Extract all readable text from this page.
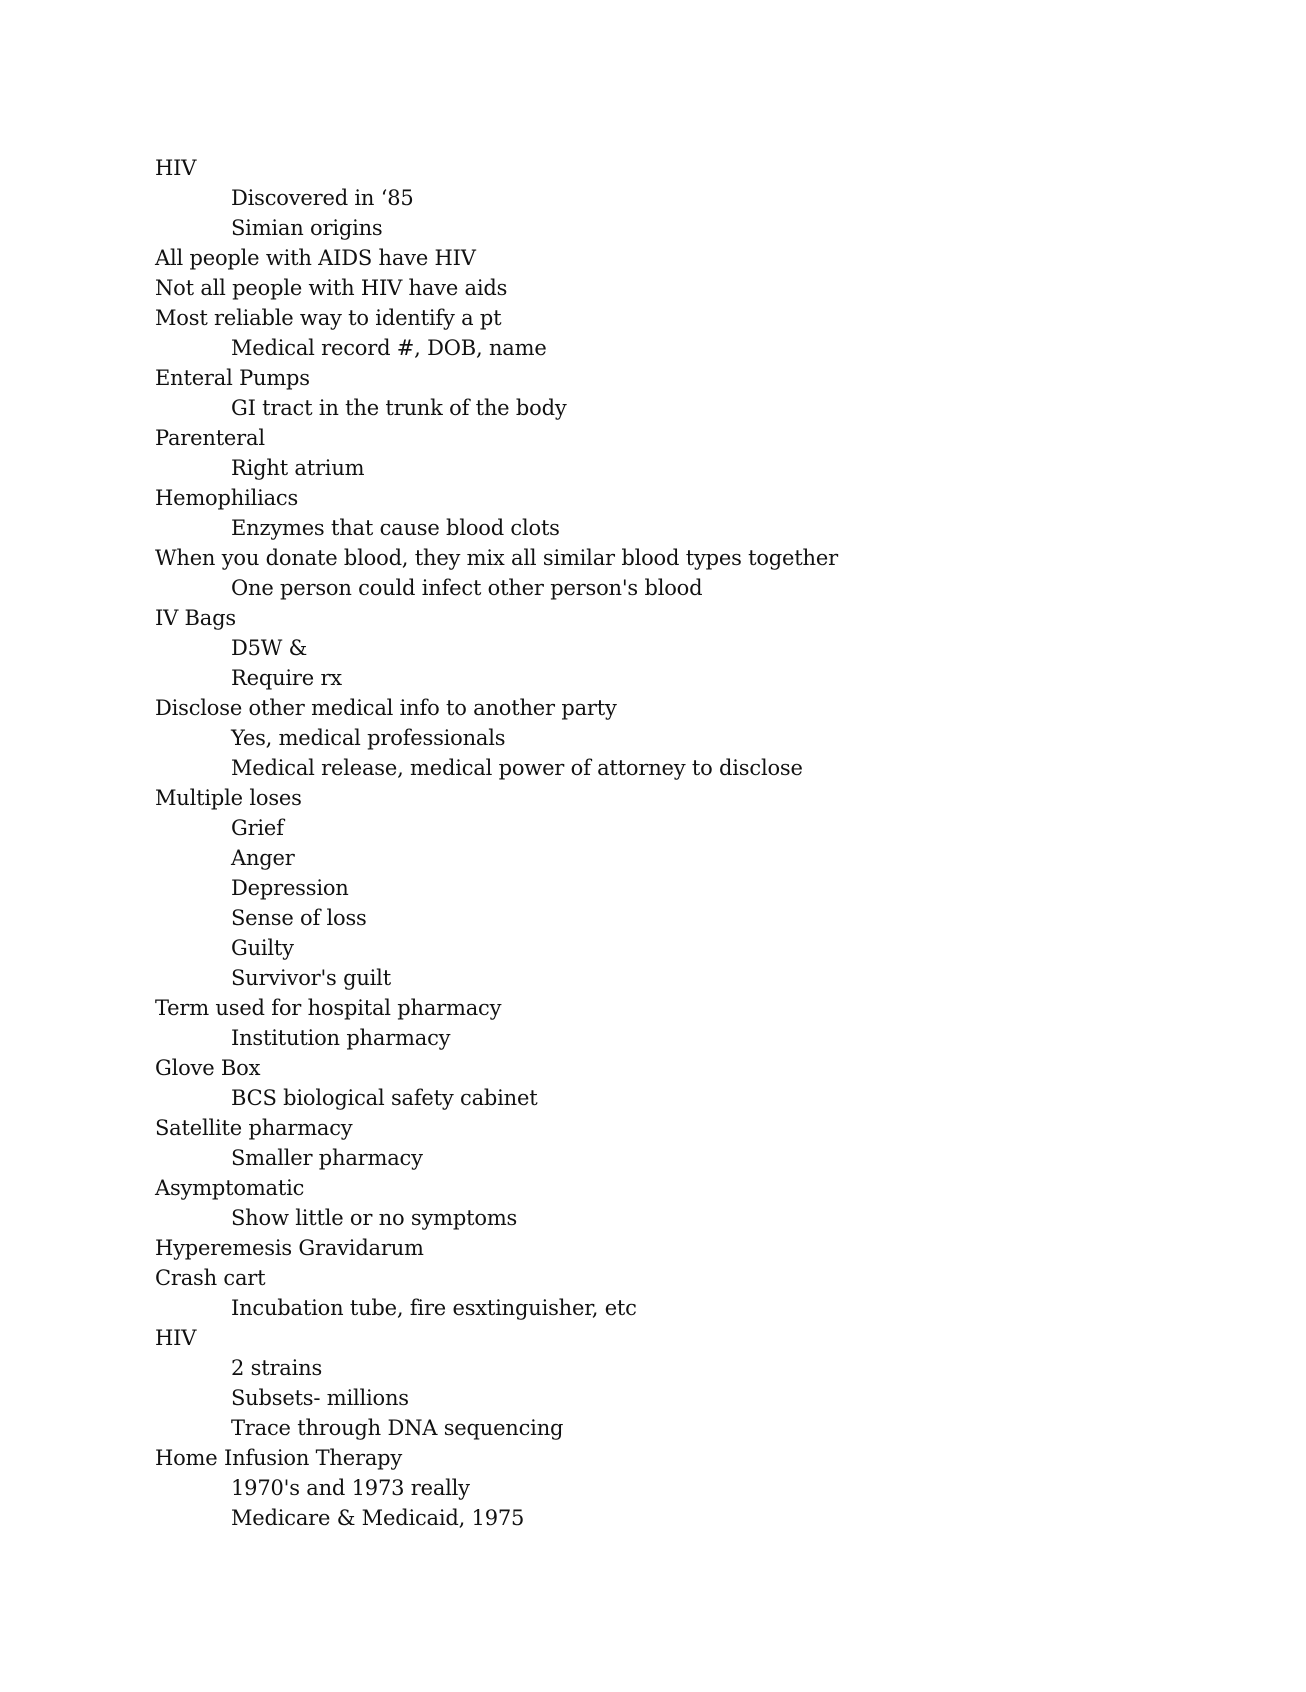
HIV
Discovered in ‘85
Simian origins
All people with AIDS have HIV
Not all people with HIV have aids
Most reliable way to identify a pt
Medical record #, DOB, name
Enteral Pumps
GI tract in the trunk of the body
Parenteral
Right atrium
Hemophiliacs
Enzymes that cause blood clots
When you donate blood, they mix all similar blood types together
One person could infect other person's blood
IV Bags
D5W &
Require rx
Disclose other medical info to another party
Yes, medical professionals
Medical release, medical power of attorney to disclose
Multiple loses
Grief
Anger
Depression
Sense of loss
Guilty
Survivor's guilt
Term used for hospital pharmacy
Institution pharmacy
Glove Box
BCS biological safety cabinet
Satellite pharmacy
Smaller pharmacy
Asymptomatic
Show little or no symptoms
Hyperemesis Gravidarum
Crash cart
Incubation tube, fire esxtinguisher, etc
HIV
2 strains
Subsets- millions
Trace through DNA sequencing
Home Infusion Therapy
1970's and 1973 really
Medicare & Medicaid, 1975
